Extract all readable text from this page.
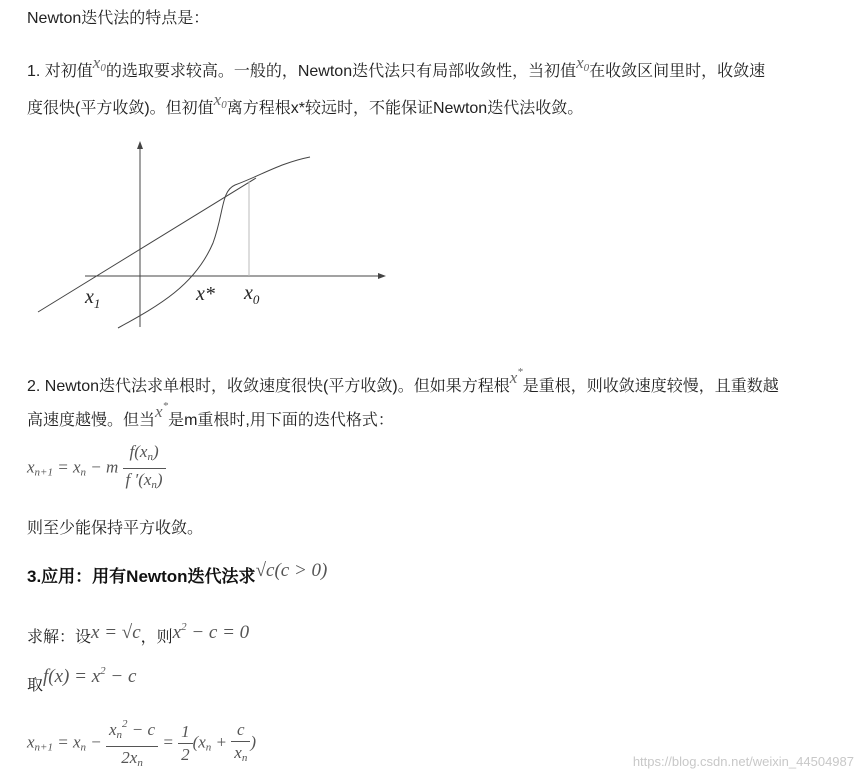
Newton迭代法的特点是：
1. 对初值$x_0$的选取要求较高。一般的，Newton迭代法只有局部收敛性，当初值$x_0$在收敛区间里时，收敛速
度很快(平方收敛)。但初值$x_0$离方程根x*较远时，不能保证Newton迭代法收敛。
$x_1$	x* $x_0$
2. Newton迭代法求单根时，收敛速度很快(平方收敛)。但如果方程根x*是重根，则收敛速度较慢，且重数越
高速度越慢。但当x*是m重根时,用下面的迭代格式：
$x_{n+1} = x_n - m \frac{f(x_n)}{f '(x_n)}$
则至少能保持平方收敛。
3.应用：用有Newton迭代法求√c(c > 0)
求解：设x = √c，则$x^2 - c = 0$
取$f(x) = x^2 - c$
$x_{n+1} = x_n - \frac{x_n^2 - c}{2x_n} = \frac{1}{2} (x_n + \frac{c}{x_n}$ )
https://blog.csdn.net/weixin_44504987
